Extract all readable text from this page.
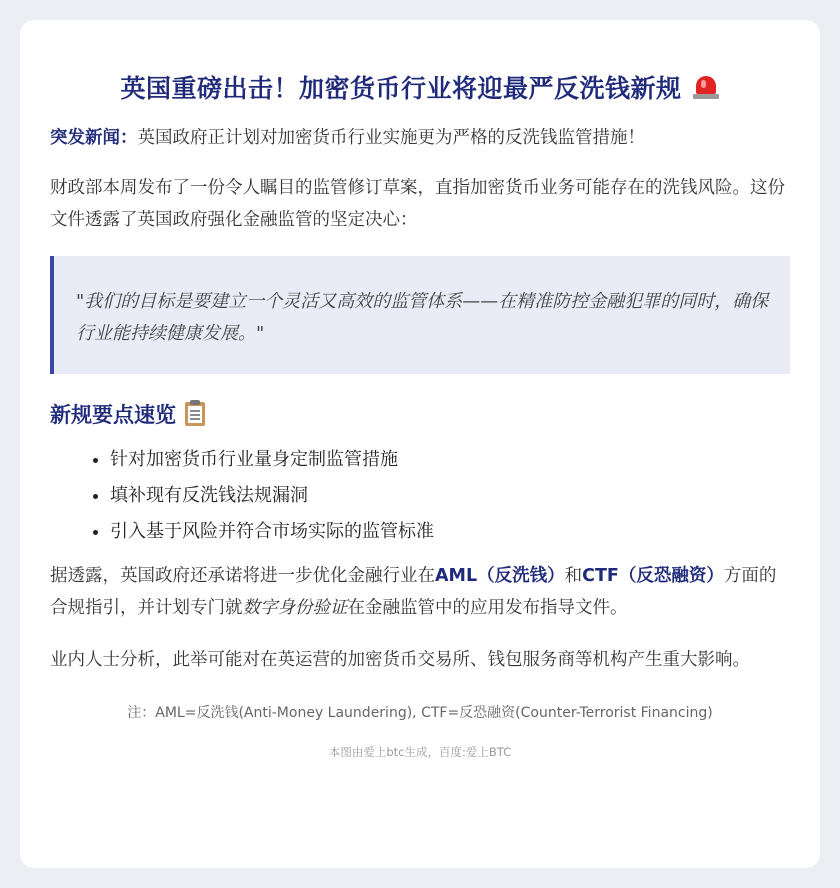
英国重磅出击！加密货币行业将迎最严反洗钱新规

突发新闻：英国政府正计划对加密货币行业实施更为严格的反洗钱监管措施！

财政部本周发布了一份令人瞩目的监管修订草案，直指加密货币业务可能存在的洗钱风险。这份文件透露了英国政府强化金融监管的坚定决心：

"我们的目标是要建立一个灵活又高效的监管体系——在精准防控金融犯罪的同时，确保行业能持续健康发展。"
新规要点速览
• 针对加密货币行业量身定制监管措施
• 填补现有反洗钱法规漏洞
• 引入基于风险并符合市场实际的监管标准

据透露，英国政府还承诺将进一步优化金融行业在AML（反洗钱）和CTF（反恐融资）方面的合规指引，并计划专门就数字身份验证在金融监管中的应用发布指导文件。

业内人士分析，此举可能对在英运营的加密货币交易所、钱包服务商等机构产生重大影响。

注：AML=反洗钱(Anti-Money Laundering), CTF=反恐融资(Counter-Terrorist Financing)
本图由爱上btc生成，百度:爱上BTC
